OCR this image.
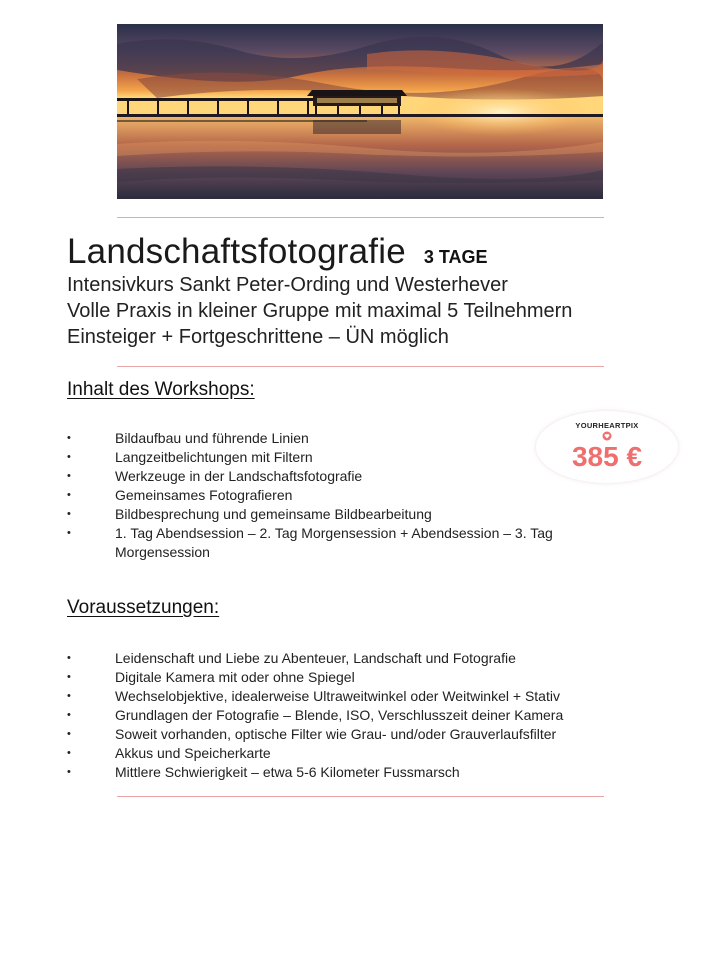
Landschaftsfotografie 3 TAGE
Intensivkurs Sankt Peter-Ording und Westerhever
Volle Praxis in kleiner Gruppe mit maximal 5 Teilnehmern
Einsteiger + Fortgeschrittene – ÜN möglich
Inhalt des Workshops:
•	Bildaufbau und führende Linien
•	Langzeitbelichtungen mit Filtern
•	Werkzeuge in der Landschaftsfotografie
•	Gemeinsames Fotografieren
•	Bildbesprechung und gemeinsame Bildbearbeitung
•	1. Tag Abendsession – 2. Tag Morgensession + Abendsession – 3. Tag Morgensession
YOURHEARTPIX
385 €
Voraussetzungen:
•	Leidenschaft und Liebe zu Abenteuer, Landschaft und Fotografie
•	Digitale Kamera mit oder ohne Spiegel
•	Wechselobjektive, idealerweise Ultraweitwinkel oder Weitwinkel + Stativ
•	Grundlagen der Fotografie – Blende, ISO, Verschlusszeit deiner Kamera
•	Soweit vorhanden, optische Filter wie Grau- und/oder Grauverlaufsfilter
•	Akkus und Speicherkarte
•	Mittlere Schwierigkeit – etwa 5-6 Kilometer Fussmarsch
